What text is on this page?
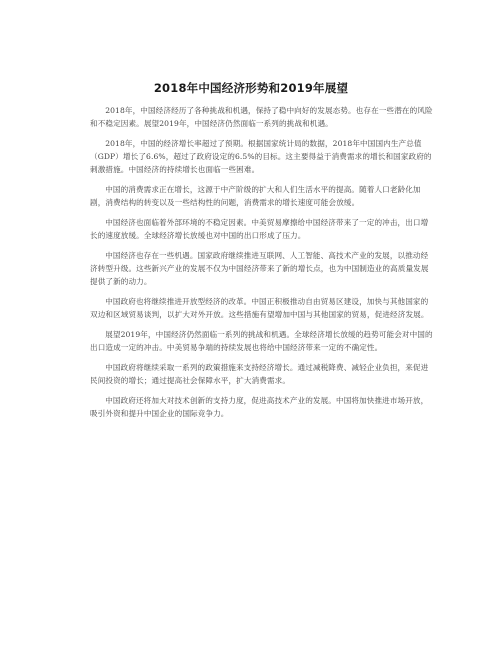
2018年中国经济形势和2019年展望

2018年，中国经济经历了各种挑战和机遇，保持了稳中向好的发展态势。也存在一些潜在的风险和不稳定因素。展望2019年，中国经济仍然面临一系列的挑战和机遇。

2018年，中国的经济增长率超过了预期。根据国家统计局的数据，2018年中国国内生产总值（GDP）增长了6.6%，超过了政府设定的6.5%的目标。这主要得益于消费需求的增长和国家政府的刺激措施。中国经济的持续增长也面临一些困难。

中国的消费需求正在增长，这源于中产阶级的扩大和人们生活水平的提高。随着人口老龄化加剧，消费结构的转变以及一些结构性的问题，消费需求的增长速度可能会放缓。

中国经济也面临着外部环境的不稳定因素。中美贸易摩擦给中国经济带来了一定的冲击，出口增长的速度放缓。全球经济增长放缓也对中国的出口形成了压力。

中国经济也存在一些机遇。国家政府继续推进互联网、人工智能、高技术产业的发展，以推动经济转型升级。这些新兴产业的发展不仅为中国经济带来了新的增长点，也为中国制造业的高质量发展提供了新的动力。

中国政府也将继续推进开放型经济的改革。中国正积极推动自由贸易区建设，加快与其他国家的双边和区域贸易谈判，以扩大对外开放。这些措施有望增加中国与其他国家的贸易，促进经济发展。

展望2019年，中国经济仍然面临一系列的挑战和机遇。全球经济增长放缓的趋势可能会对中国的出口造成一定的冲击。中美贸易争端的持续发展也将给中国经济带来一定的不确定性。

中国政府将继续采取一系列的政策措施来支持经济增长。通过减税降费、减轻企业负担，来促进民间投资的增长；通过提高社会保障水平，扩大消费需求。

中国政府还将加大对技术创新的支持力度，促进高技术产业的发展。中国将加快推进市场开放，吸引外资和提升中国企业的国际竞争力。
